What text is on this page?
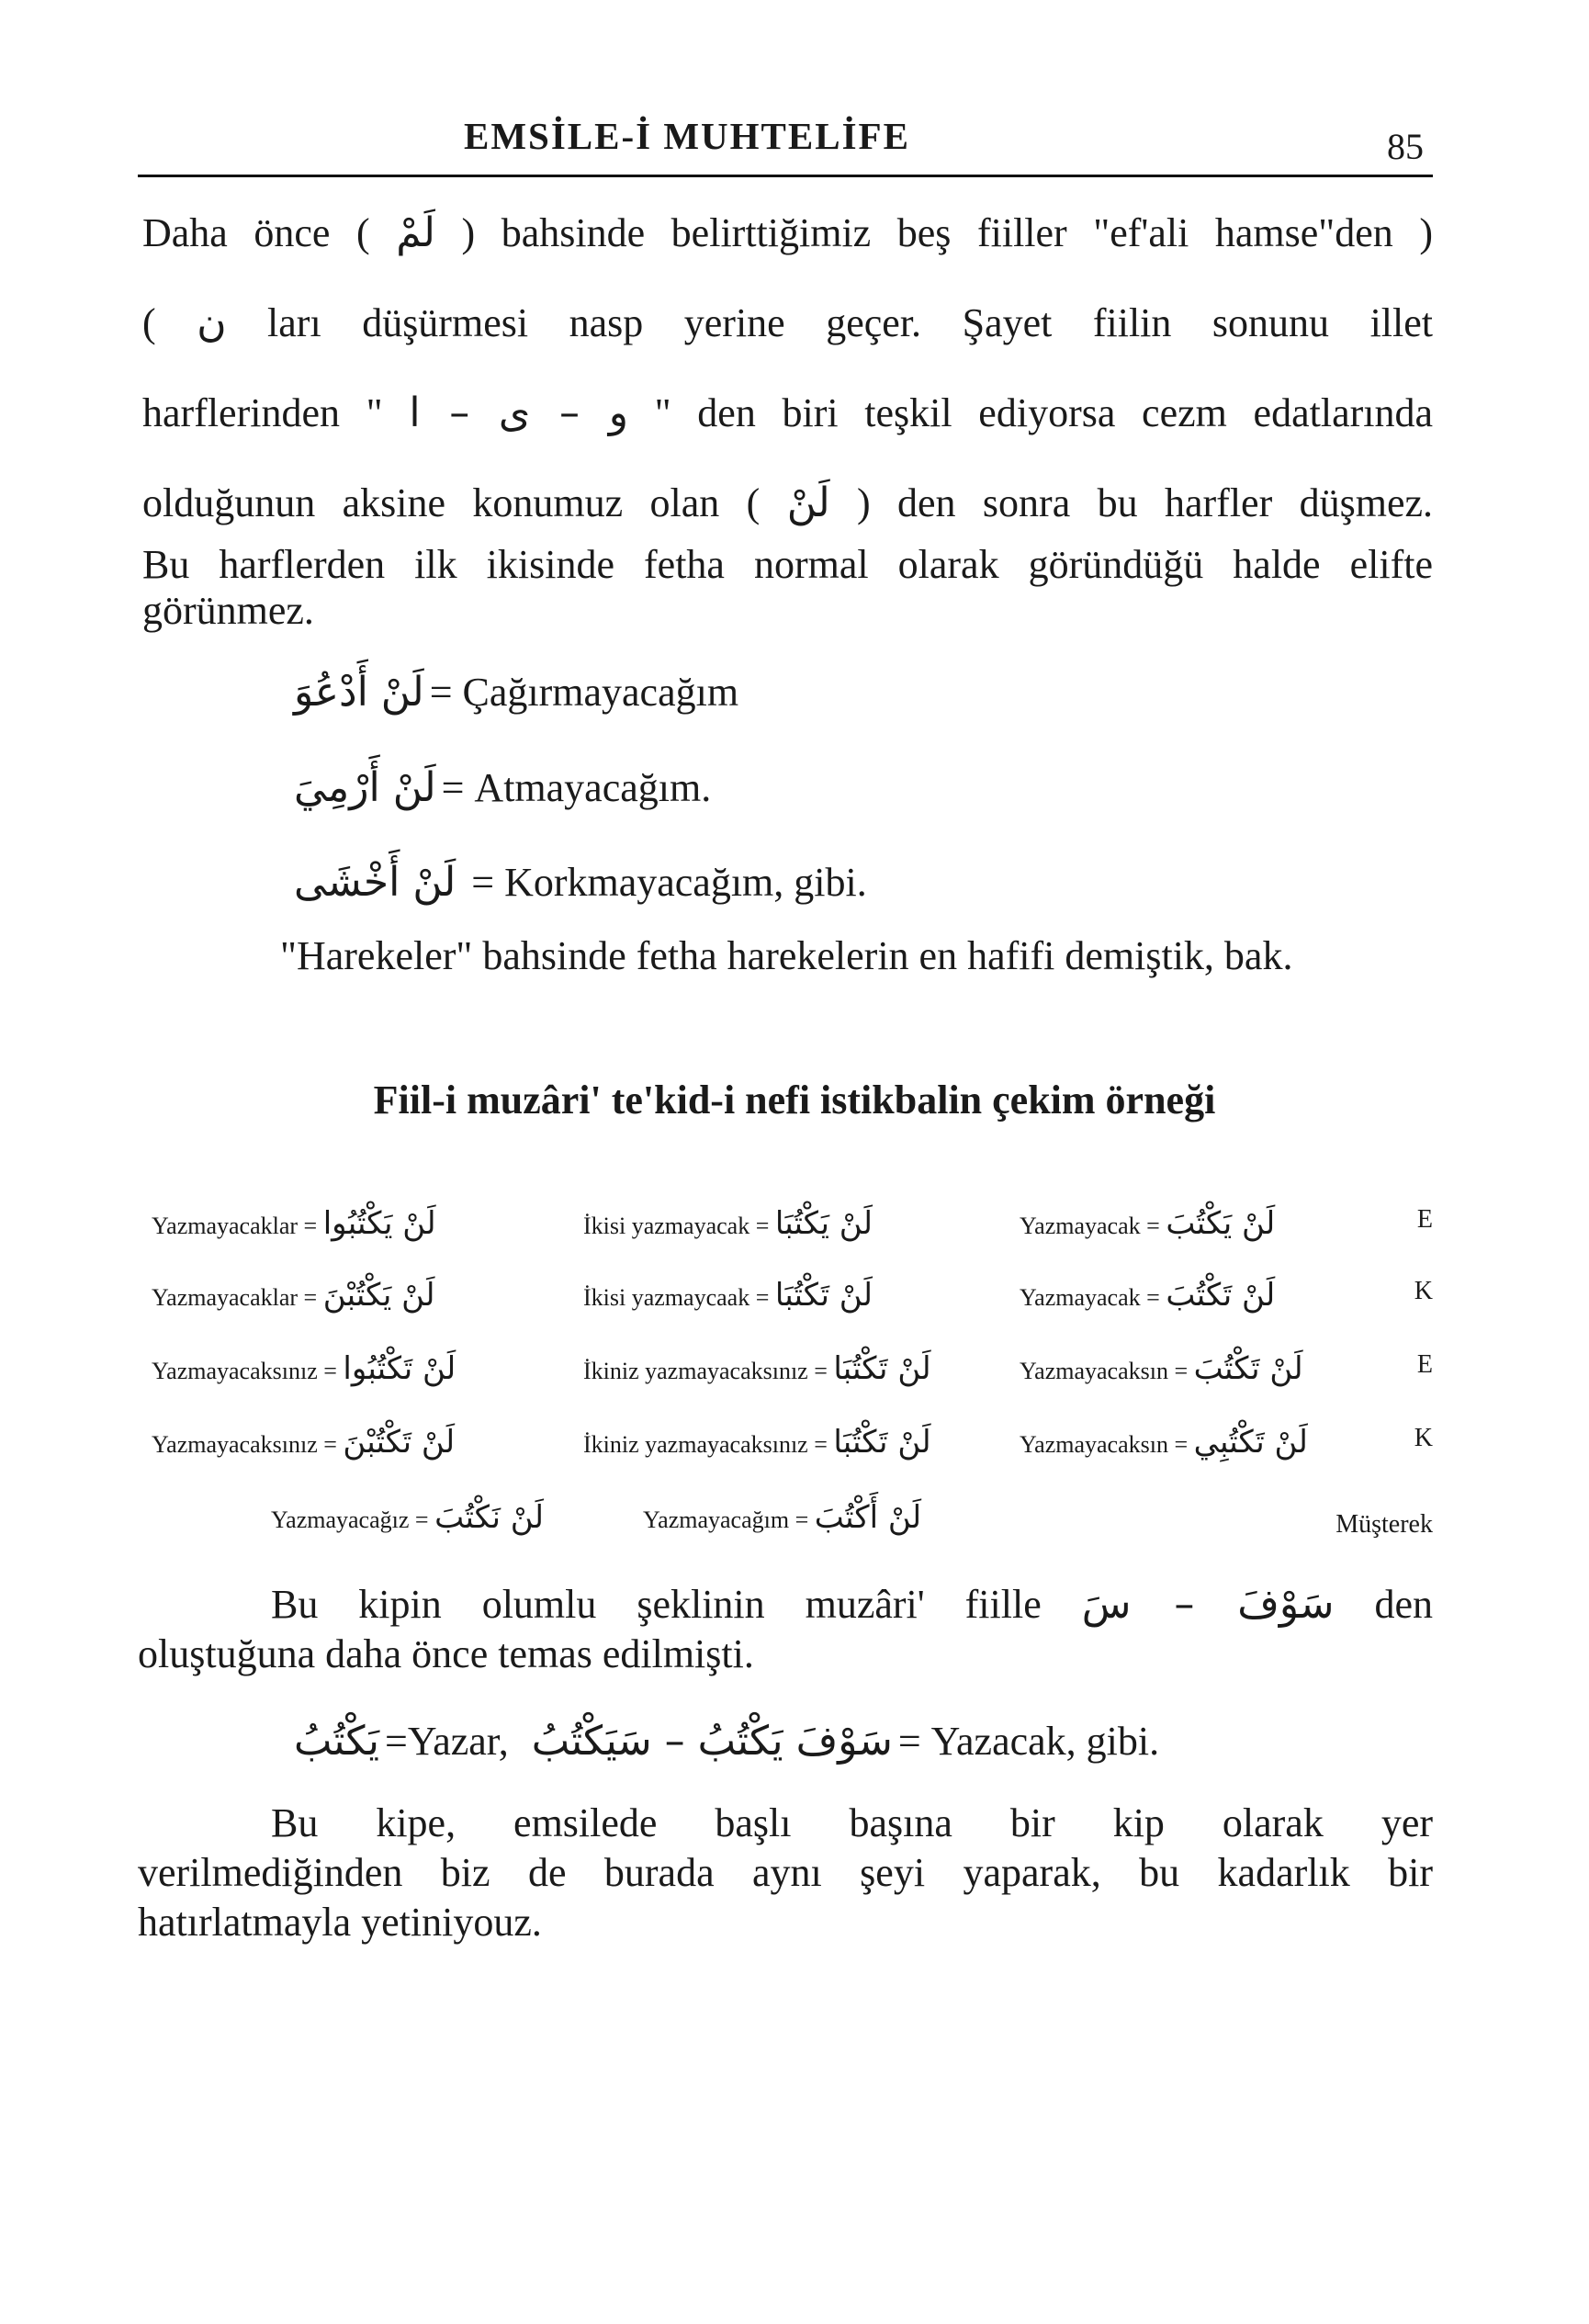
EMSİLE-İ MUHTELİFE	85
Daha önce ( لَمْ ) bahsinde belirttiğimiz beş fiiller "ef'ali hamse"den )
( ن ları düşürmesi nasp yerine geçer. Şayet fiilin sonunu illet
harflerinden " و – ى – ا " den biri teşkil ediyorsa cezm edatlarında
olduğunun aksine konumuz olan ( لَنْ ) den sonra bu harfler düşmez.
Bu harflerden ilk ikisinde fetha normal olarak göründüğü halde elifte
görünmez.
لَنْ أَدْعُوَ = Çağırmayacağım
لَنْ أَرْمِيَ = Atmayacağım.
لَنْ أَخْشَى = Korkmayacağım, gibi.
"Harekeler" bahsinde fetha harekelerin en hafifi demiştik, bak.
Fiil-i muzâri' te'kid-i nefi istikbalin çekim örneği
Yazmayacaklar = لَنْ يَكْتُبُوا	İkisi yazmayacak = لَنْ يَكْتُبَا	Yazmayacak = لَنْ يَكْتُبَ	E
Yazmayacaklar = لَنْ يَكْتُبْنَ	İkisi yazmaycaak = لَنْ تَكْتُبَا	Yazmayacak = لَنْ تَكْتُبَ	K
Yazmayacaksınız = لَنْ تَكْتُبُوا	İkiniz yazmayacaksınız = لَنْ تَكْتُبَا	Yazmayacaksın = لَنْ تَكْتُبَ	E
Yazmayacaksınız = لَنْ تَكْتُبْنَ	İkiniz yazmayacaksınız = لَنْ تَكْتُبَا	Yazmayacaksın = لَنْ تَكْتُبِي	K
Yazmayacağız = لَنْ نَكْتُبَ	Yazmayacağım = لَنْ أَكْتُبَ	Müşterek
Bu kipin olumlu şeklinin muzâri' fiille سَوْفَ – سَ den
oluştuğuna daha önce temas edilmişti.
يَكْتُبُ =Yazar, سَوْفَ يَكْتُبُ – سَيَكْتُبُ = Yazacak, gibi.
Bu kipe, emsilede başlı başına bir kip olarak yer
verilmediğinden biz de burada aynı şeyi yaparak, bu kadarlık bir
hatırlatmayla yetiniyouz.
